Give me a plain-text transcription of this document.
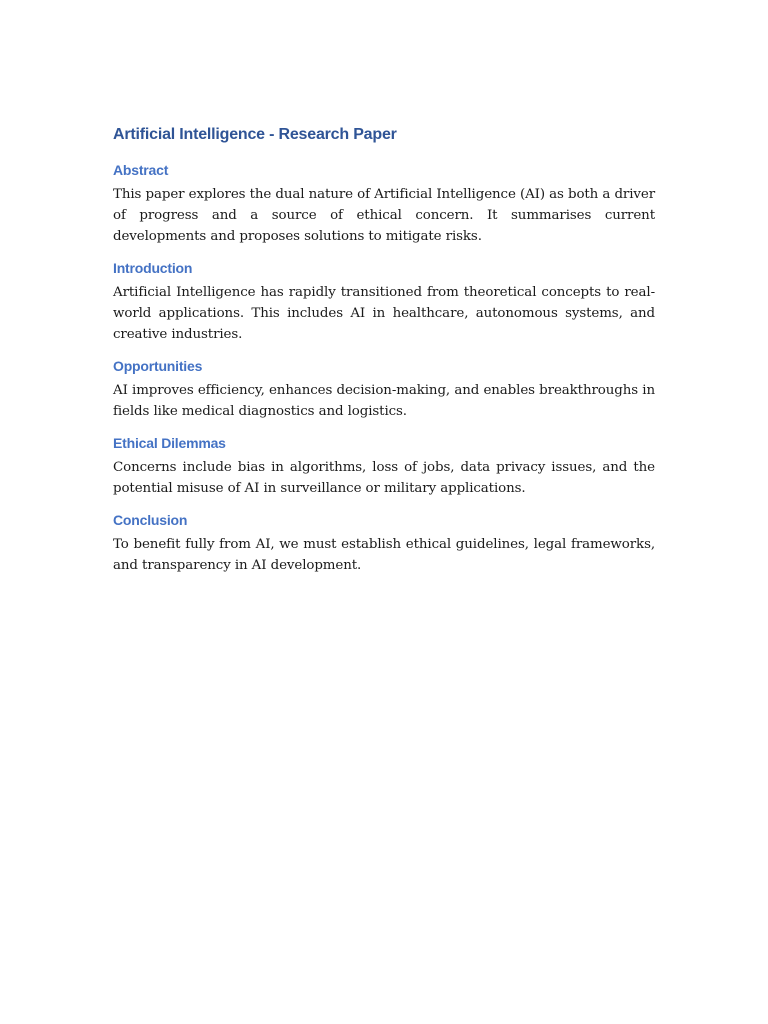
Artificial Intelligence - Research Paper
Abstract

This paper explores the dual nature of Artificial Intelligence (AI) as both a driver of progress and a source of ethical concern. It summarises current developments and proposes solutions to mitigate risks.

Introduction

Artificial Intelligence has rapidly transitioned from theoretical concepts to real-world applications. This includes AI in healthcare, autonomous systems, and creative industries.

Opportunities

AI improves efficiency, enhances decision-making, and enables breakthroughs in fields like medical diagnostics and logistics.

Ethical Dilemmas

Concerns include bias in algorithms, loss of jobs, data privacy issues, and the potential misuse of AI in surveillance or military applications.

Conclusion

To benefit fully from AI, we must establish ethical guidelines, legal frameworks, and transparency in AI development.
